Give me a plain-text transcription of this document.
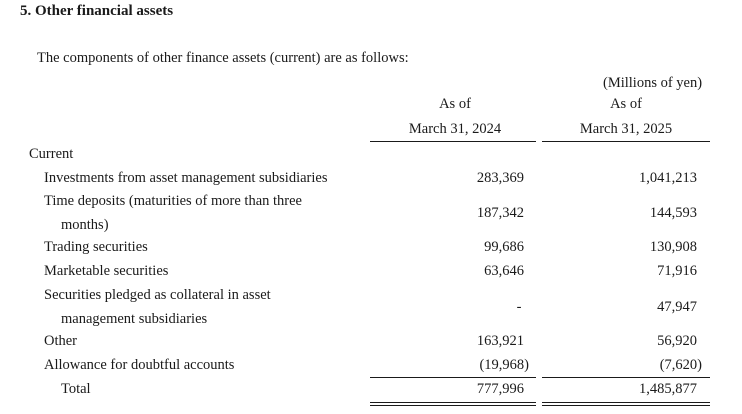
5. Other financial assets
The components of other finance assets (current) are as follows:
(Millions of yen)
As of
March 31, 2024
As of
March 31, 2025
Current
Investments from asset management subsidiaries	283,369	1,041,213
Time deposits (maturities of more than three
months)
187,342	144,593
Trading securities	99,686	130,908
Marketable securities	63,646	71,916
Securities pledged as collateral in asset
management subsidiaries
-	47,947
Other	163,921	56,920
Allowance for doubtful accounts	(19,968)	(7,620)
Total	777,996	1,485,877
